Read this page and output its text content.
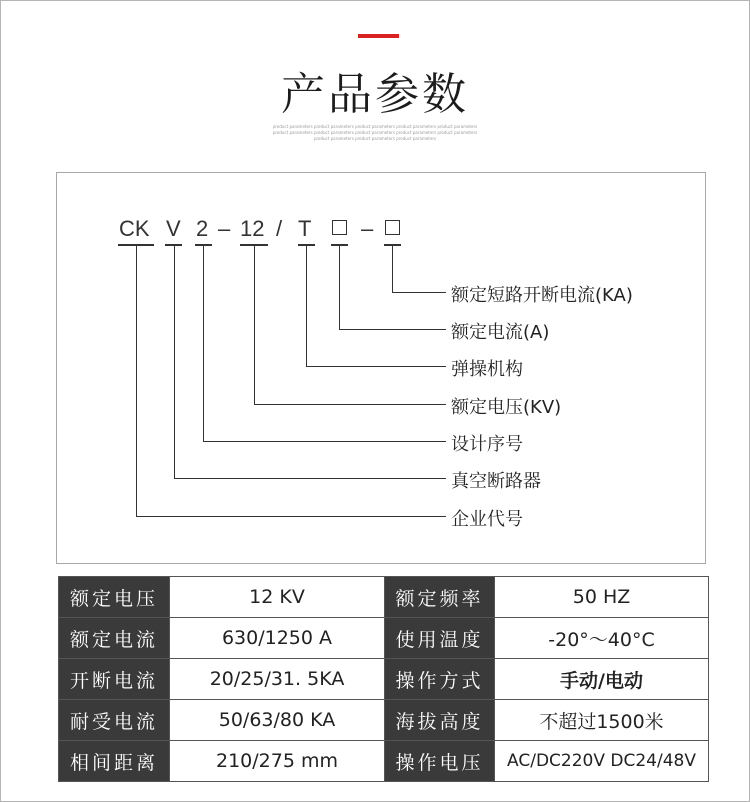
产品参数
product parameters product parameters product parameters product parameters product parameters
product parameters product parameters product parameters product parameters product parameters
product parameters product parameters product parameters
CK V 2 – 12 / T –
额定短路开断电流(KA)
额定电流(A)
弹操机构
额定电压(KV)
设计序号
真空断路器
企业代号
额定电压	12 KV	额定频率	50 HZ
额定电流	630/1250 A	使用温度	-20°～40°C
开断电流	20/25/31. 5KA	操作方式	手动/电动
耐受电流	50/63/80 KA	海拔高度	不超过1500米
相间距离	210/275 mm	操作电压	AC/DC220V DC24/48V
